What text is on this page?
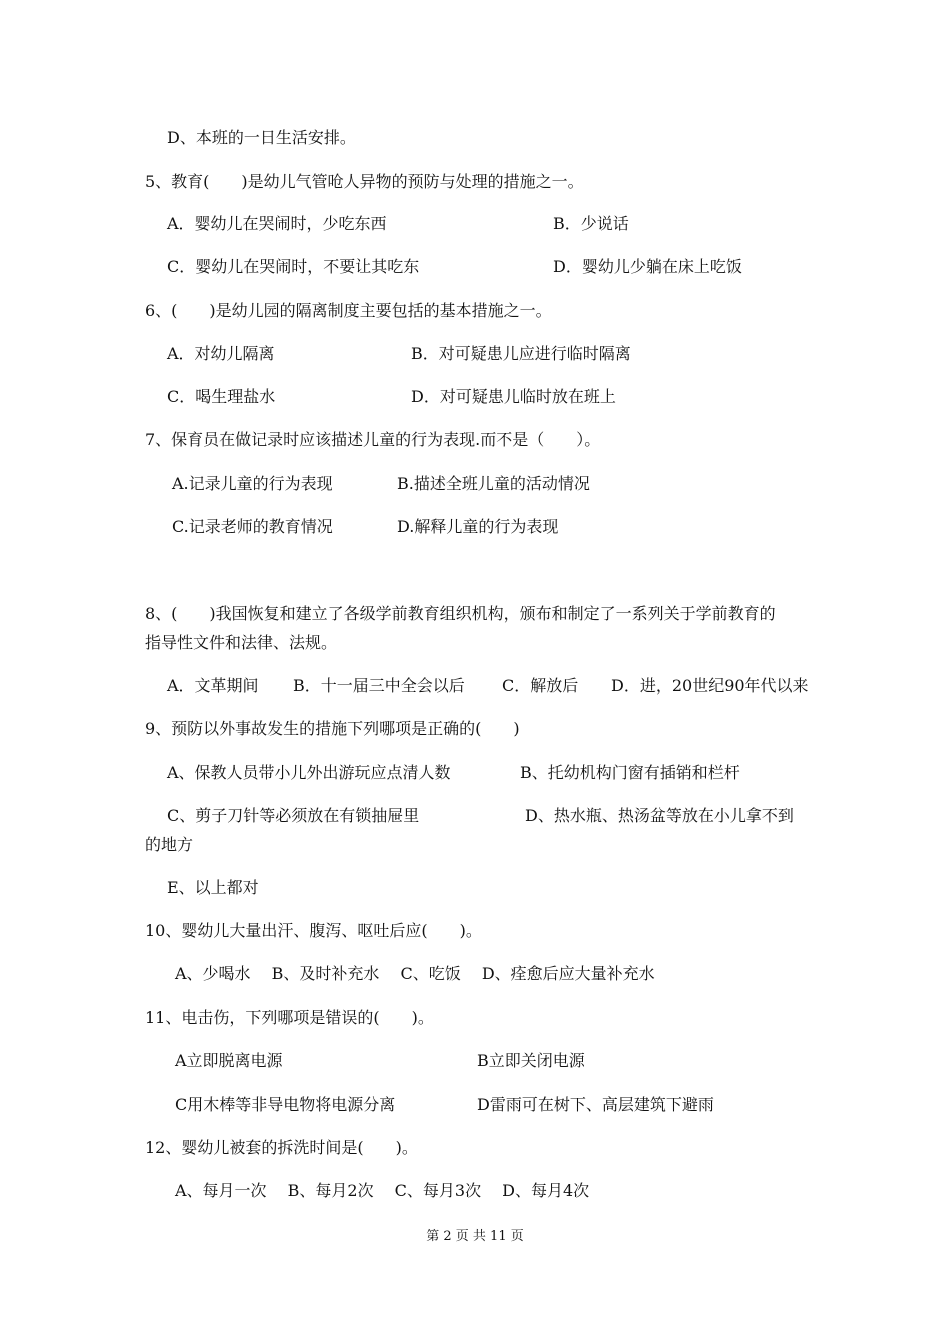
D、本班的一日生活安排。
5、教育(　　)是幼儿气管呛人异物的预防与处理的措施之一。
A．婴幼儿在哭闹时，少吃东西	B．少说话
C．婴幼儿在哭闹时，不要让其吃东	D．婴幼儿少躺在床上吃饭
6、(　　)是幼儿园的隔离制度主要包括的基本措施之一。
A．对幼儿隔离	B．对可疑患儿应进行临时隔离
C．喝生理盐水	D．对可疑患儿临时放在班上
7、保育员在做记录时应该描述儿童的行为表现.而不是（　　）。
A.记录儿童的行为表现	B.描述全班儿童的活动情况
C.记录老师的教育情况	D.解释儿童的行为表现
8、(　　)我国恢复和建立了各级学前教育组织机构，颁布和制定了一系列关于学前教育的
指导性文件和法律、法规。
A．文革期间 B．十一届三中全会以后 C．解放后 D．进，20世纪90年代以来
9、预防以外事故发生的措施下列哪项是正确的(　　)
A、保教人员带小儿外出游玩应点清人数	B、托幼机构门窗有插销和栏杆
C、剪子刀针等必须放在有锁抽屉里	D、热水瓶、热汤盆等放在小儿拿不到
的地方
E、以上都对
10、婴幼儿大量出汗、腹泻、呕吐后应(　　)。
A、少喝水　 B、及时补充水　 C、吃饭　 D、痊愈后应大量补充水
11、电击伤，下列哪项是错误的(　　)。
A立即脱离电源	B立即关闭电源
C用木棒等非导电物将电源分离	D雷雨可在树下、高层建筑下避雨
12、婴幼儿被套的拆洗时间是(　　)。
A、每月一次　 B、每月2次　 C、每月3次　 D、每月4次
第 2 页 共 11 页
